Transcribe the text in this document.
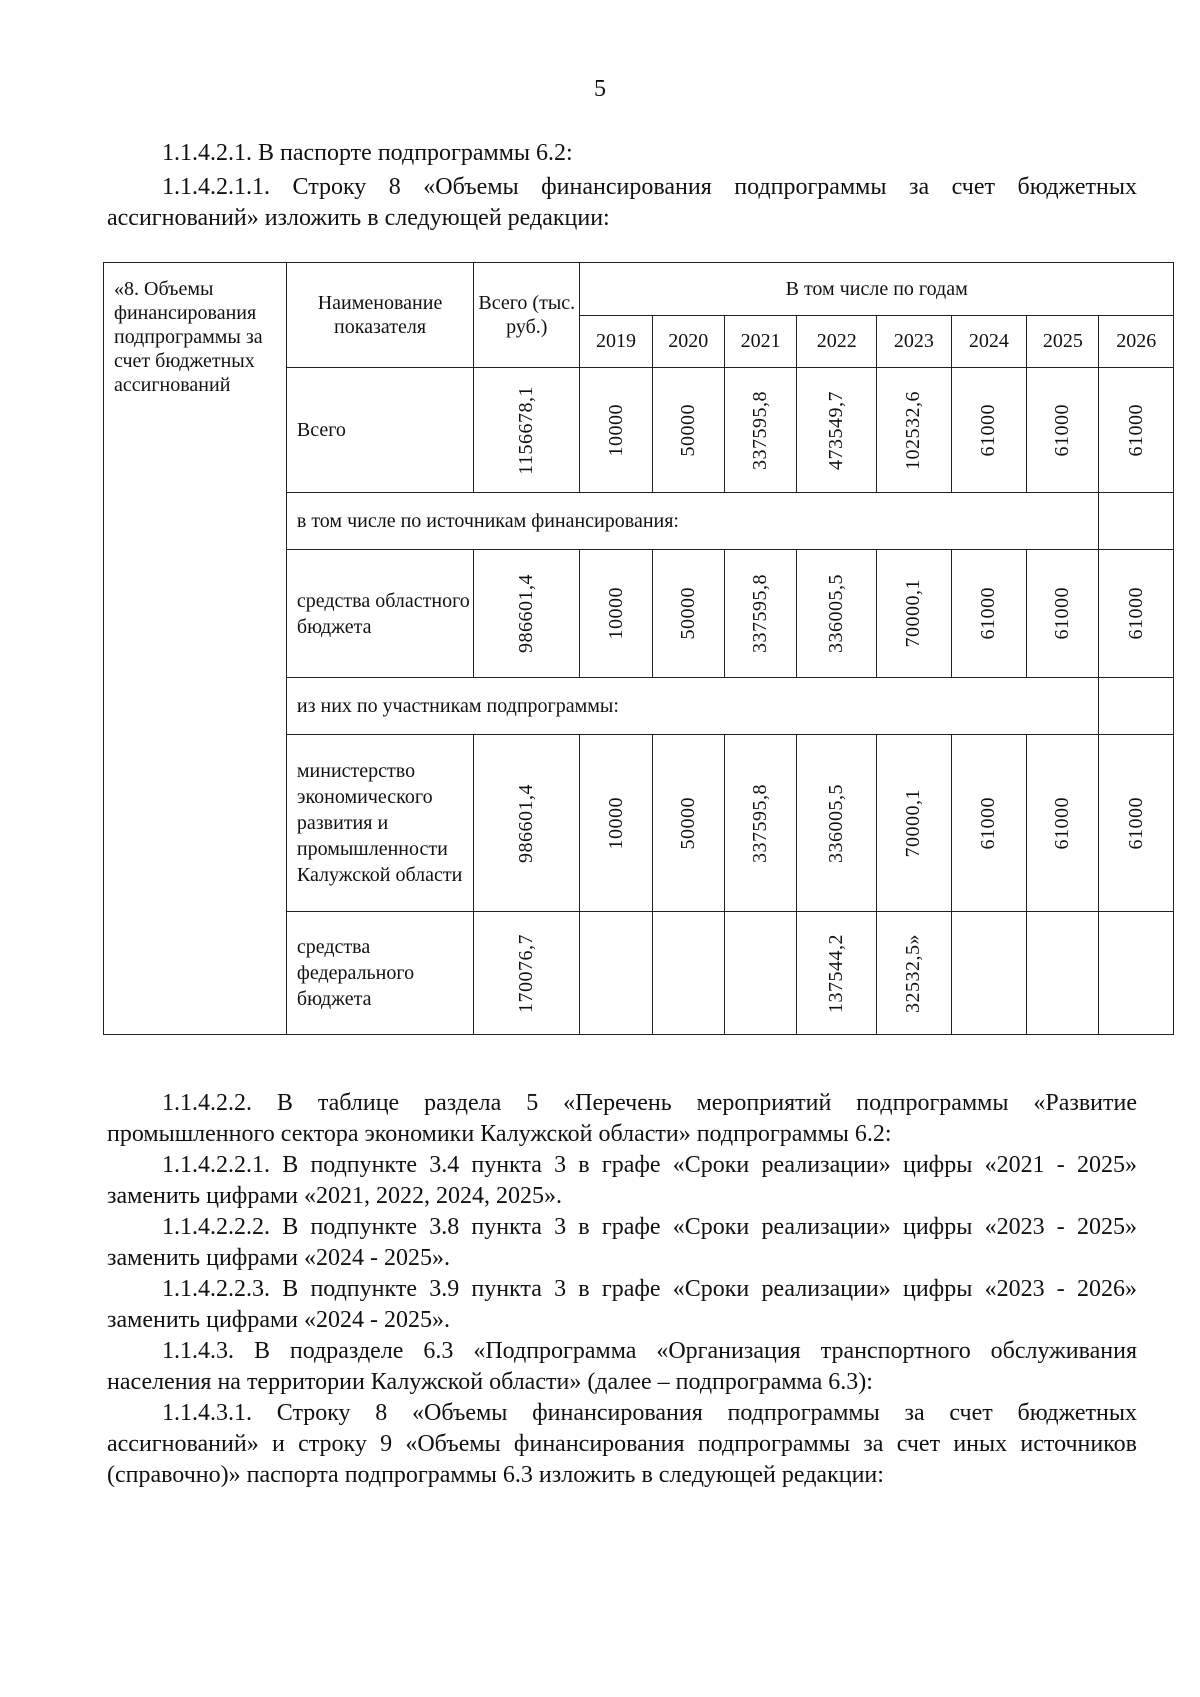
5
1.1.4.2.1. В паспорте подпрограммы 6.2:
1.1.4.2.1.1. Строку 8 «Объемы финансирования подпрограммы за счет бюджетных ассигнований» изложить в следующей редакции:
«8. Объемы финансирования подпрограммы за счет бюджетных ассигнований	Наименование показателя	Всего (тыс. руб.)	В том числе по годам							
			2019	2020	2021	2022	2023	2024	2025	2026
	Всего	1156678,1	10000	50000	337595,8	473549,7	102532,6	61000	61000	61000

	в том числе по источникам финансирования:									
	средства областного бюджета	986601,4	10000	50000	337595,8	336005,5	70000,1	61000	61000	61000

	из них по участникам подпрограммы:									
	министерство экономического развития и промышленности Калужской области	986601,4	10000	50000	337595,8	336005,5	70000,1	61000	61000	61000

	средства федерального бюджета	170076,7				137544,2	32532,5»			

1.1.4.2.2. В таблице раздела 5 «Перечень мероприятий подпрограммы «Развитие промышленного сектора экономики Калужской области» подпрограммы 6.2:
1.1.4.2.2.1. В подпункте 3.4 пункта 3 в графе «Сроки реализации» цифры «2021 - 2025» заменить цифрами «2021, 2022, 2024, 2025».
1.1.4.2.2.2. В подпункте 3.8 пункта 3 в графе «Сроки реализации» цифры «2023 - 2025» заменить цифрами «2024 - 2025».
1.1.4.2.2.3. В подпункте 3.9 пункта 3 в графе «Сроки реализации» цифры «2023 - 2026» заменить цифрами «2024 - 2025».
1.1.4.3. В подразделе 6.3 «Подпрограмма «Организация транспортного обслуживания населения на территории Калужской области» (далее – подпрограмма 6.3):
1.1.4.3.1. Строку 8 «Объемы финансирования подпрограммы за счет бюджетных ассигнований» и строку 9 «Объемы финансирования подпрограммы за счет иных источников (справочно)» паспорта подпрограммы 6.3 изложить в следующей редакции:
